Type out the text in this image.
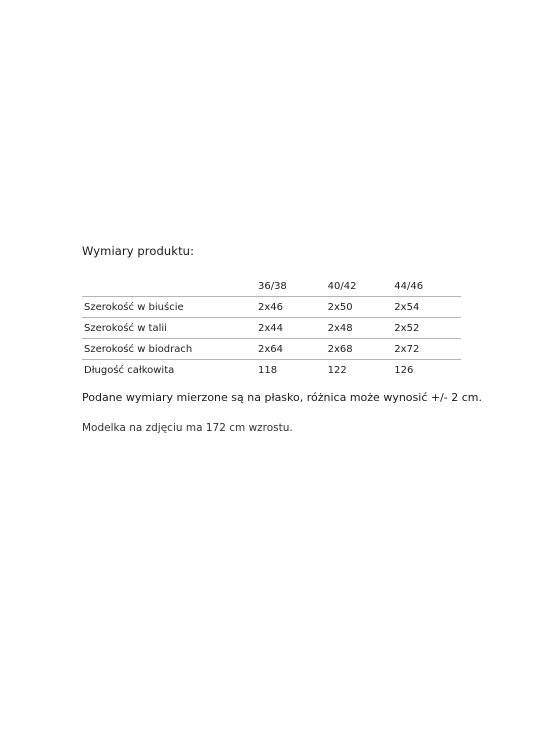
Wymiary produktu:
	36/38	40/42	44/46
Szerokość w biuście	2x46	2x50	2x54
Szerokość w talii	2x44	2x48	2x52
Szerokość w biodrach	2x64	2x68	2x72
Długość całkowita	118	122	126
Podane wymiary mierzone są na płasko, różnica może wynosić +/- 2 cm.
Modelka na zdjęciu ma 172 cm wzrostu.
